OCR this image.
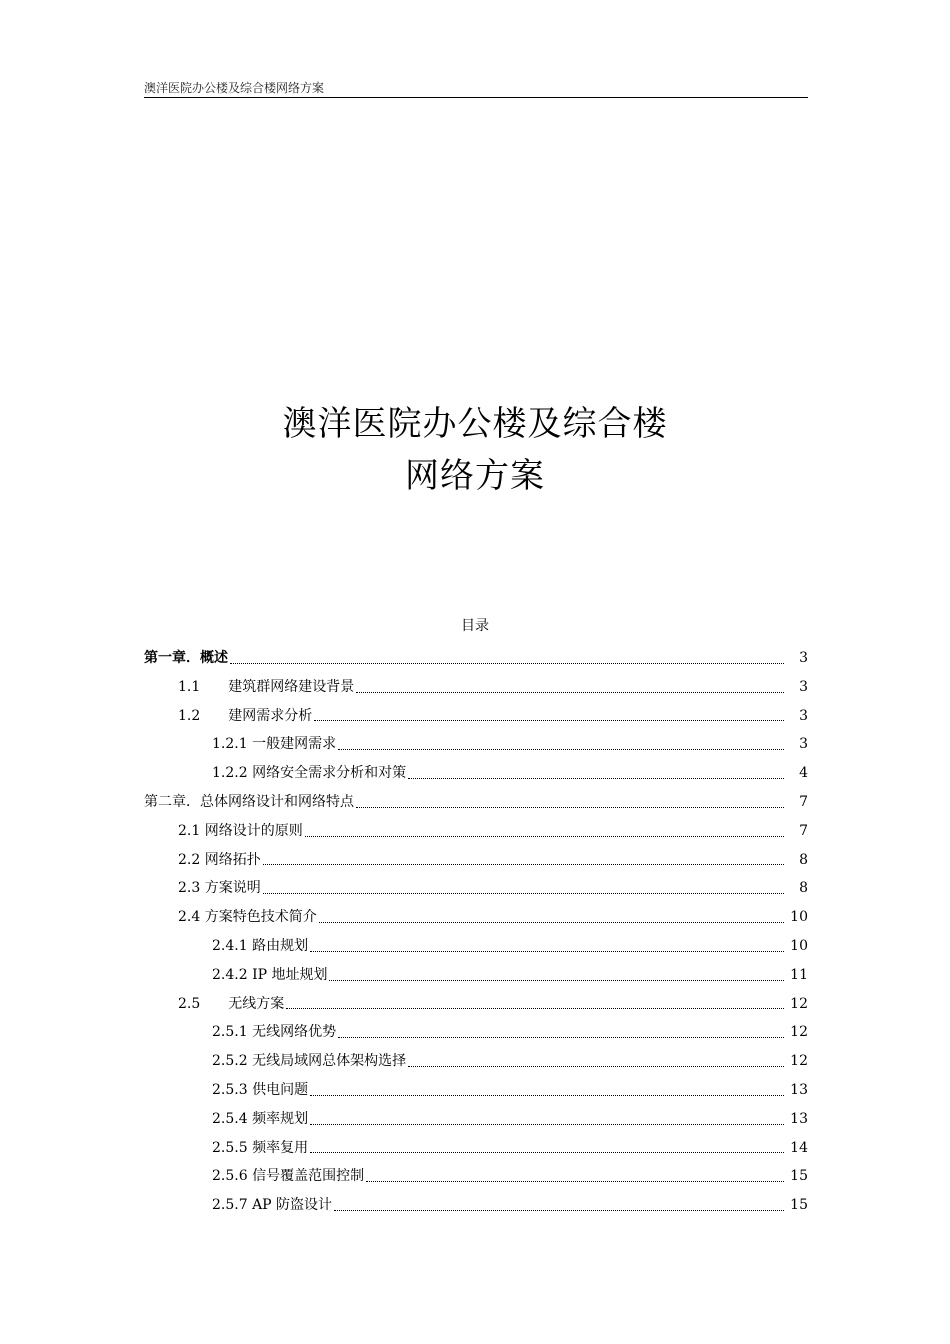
澳洋医院办公楼及综合楼网络方案
澳洋医院办公楼及综合楼
网络方案
目录
第一章．概述	3
1.1　　建筑群网络建设背景	3
1.2　　建网需求分析	3
1.2.1 一般建网需求	3
1.2.2 网络安全需求分析和对策	4
第二章．总体网络设计和网络特点	7
2.1 网络设计的原则	7
2.2 网络拓扑	8
2.3 方案说明	8
2.4 方案特色技术简介	10
2.4.1 路由规划	10
2.4.2 IP 地址规划	11
2.5　　无线方案	12
2.5.1 无线网络优势	12
2.5.2 无线局域网总体架构选择	12
2.5.3 供电问题	13
2.5.4 频率规划	13
2.5.5 频率复用	14
2.5.6 信号覆盖范围控制	15
2.5.7 AP 防盗设计	15
